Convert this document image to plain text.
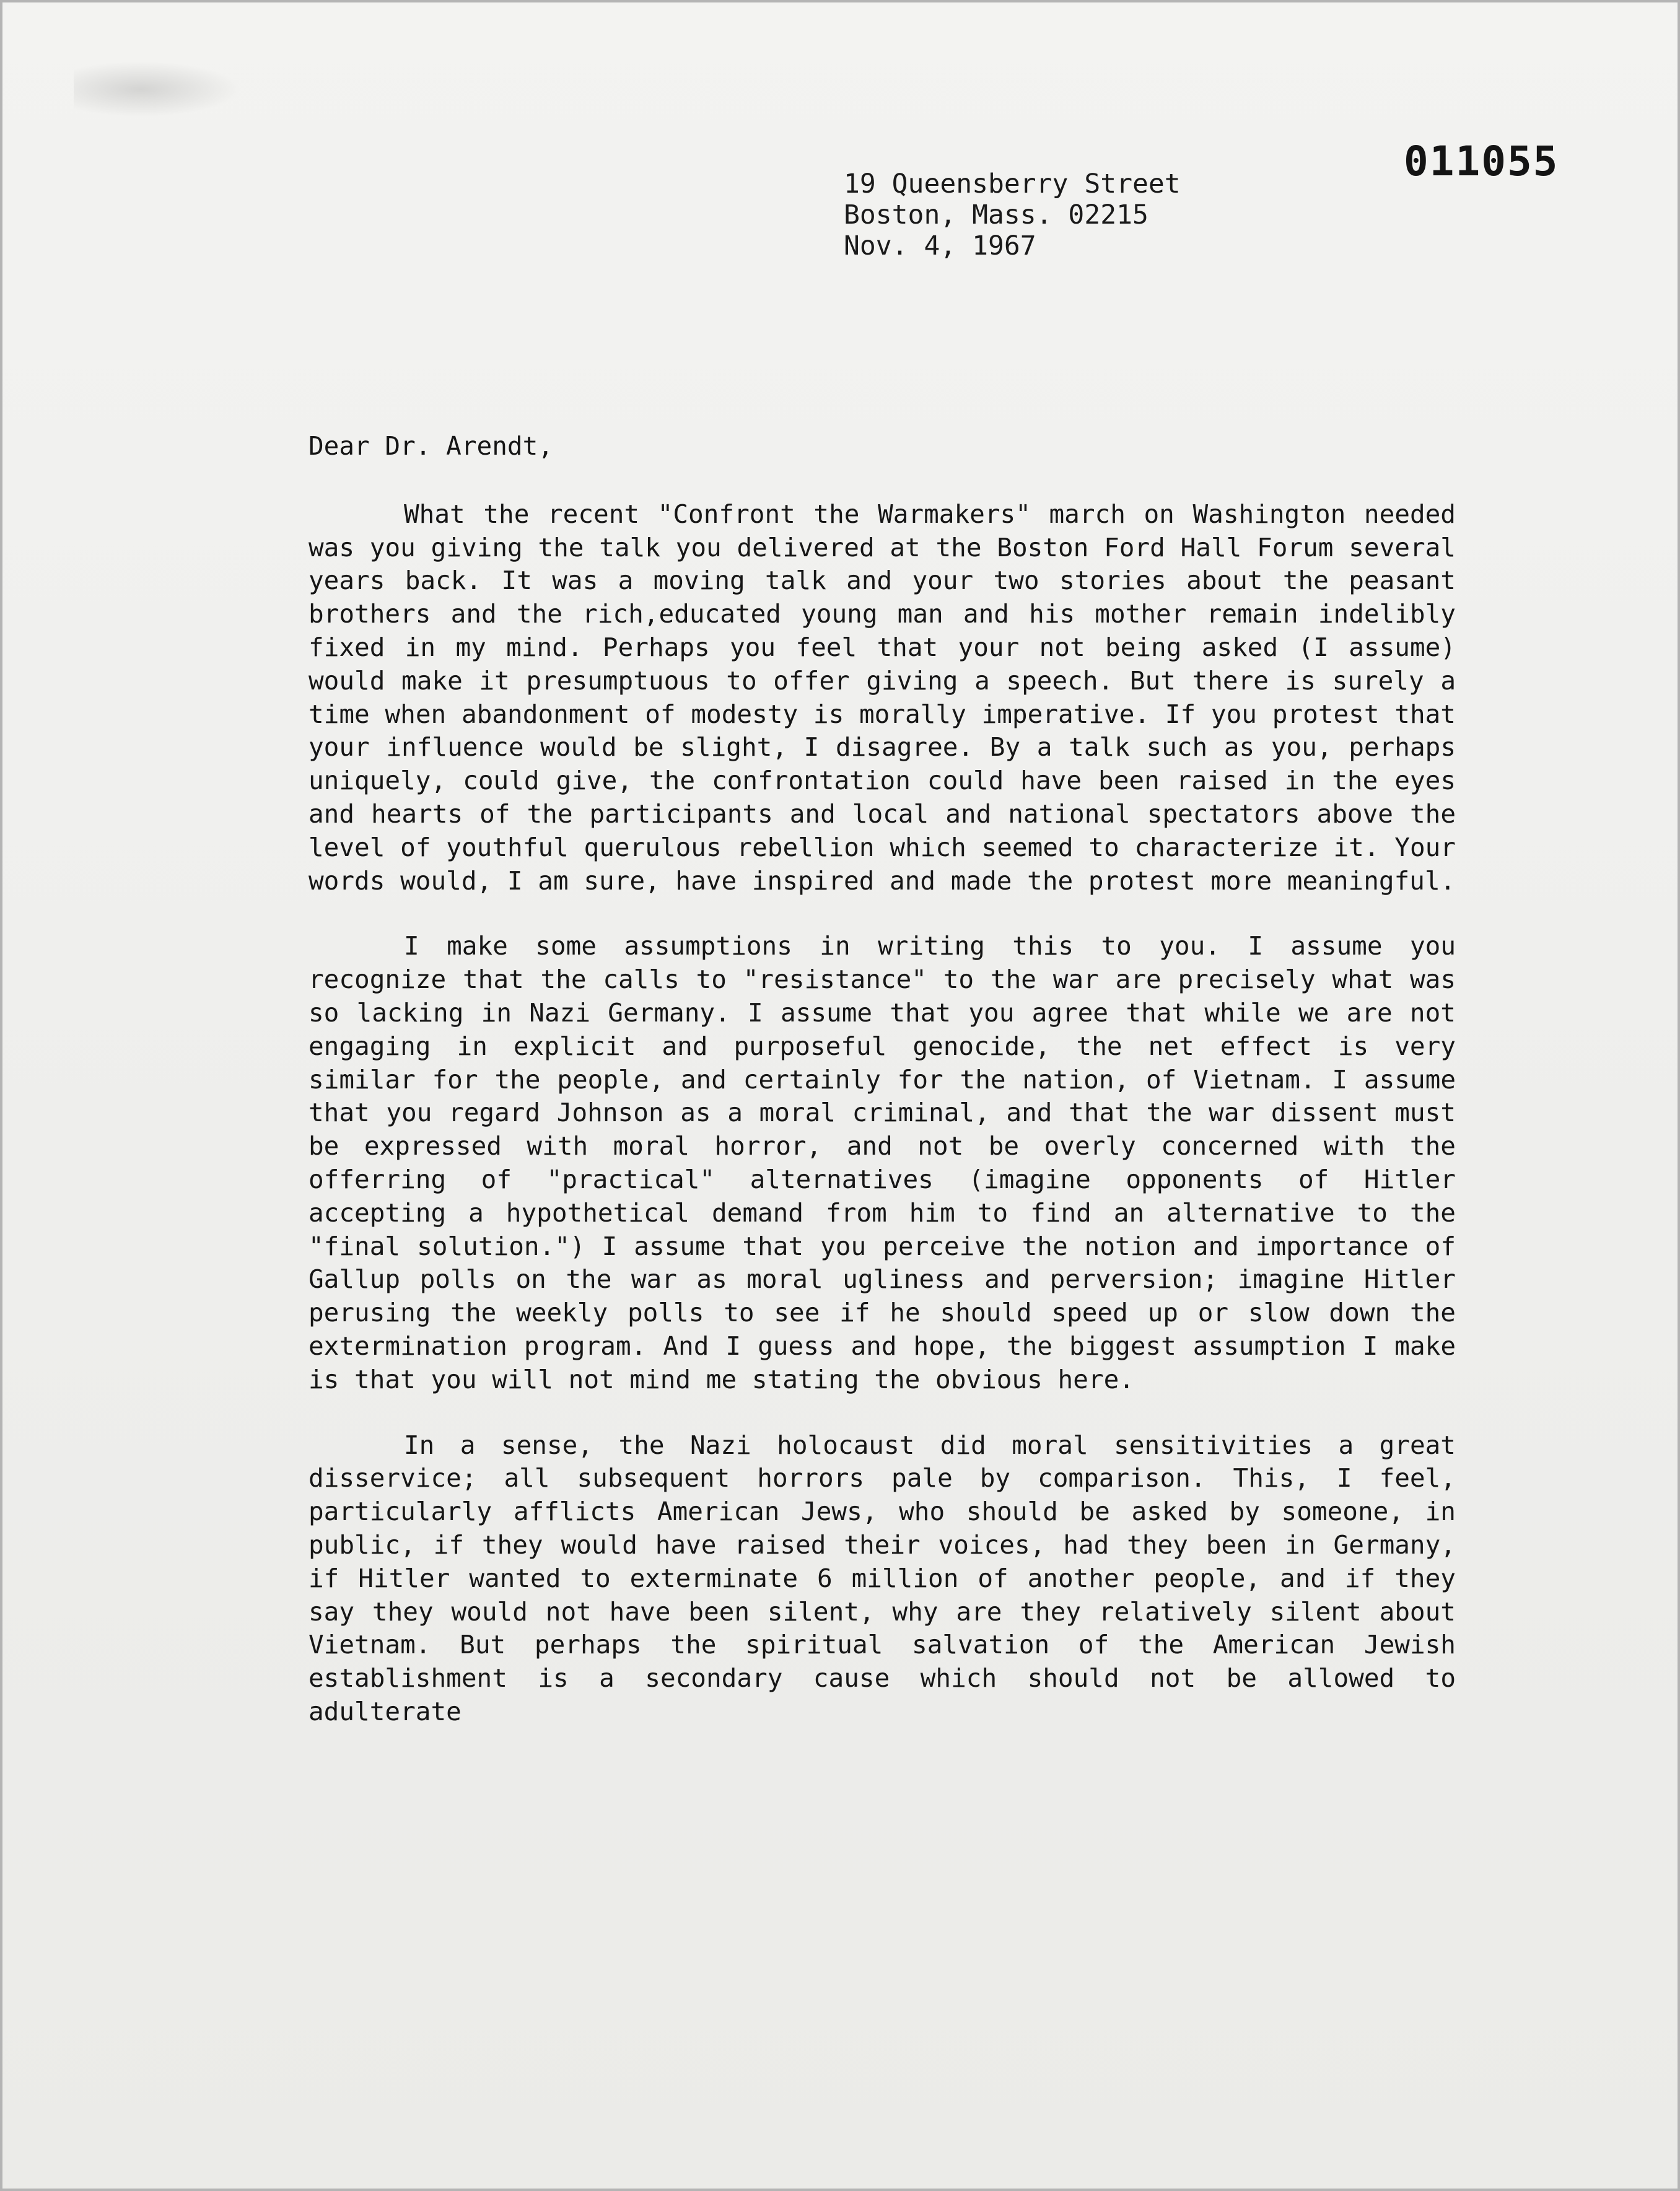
011055
19 Queensberry Street
Boston, Mass. 02215
Nov. 4, 1967
Dear Dr. Arendt,

What the recent "Confront the Warmakers" march on Washington needed was you giving the talk you delivered at the Boston Ford Hall Forum several years back. It was a moving talk and your two stories about the peasant brothers and the rich,educated young man and his mother remain indelibly fixed in my mind. Perhaps you feel that your not being asked (I assume) would make it presumptuous to offer giving a speech. But there is surely a time when abandonment of modesty is morally imperative. If you protest that your influence would be slight, I disagree. By a talk such as you, perhaps uniquely, could give, the confrontation could have been raised in the eyes and hearts of the participants and local and national spectators above the level of youthful querulous rebellion which seemed to characterize it. Your words would, I am sure, have inspired and made the protest more meaningful.

I make some assumptions in writing this to you. I assume you recognize that the calls to "resistance" to the war are precisely what was so lacking in Nazi Germany. I assume that you agree that while we are not engaging in explicit and purposeful genocide, the net effect is very similar for the people, and certainly for the nation, of Vietnam. I assume that you regard Johnson as a moral criminal, and that the war dissent must be expressed with moral horror, and not be overly concerned with the offerring of "practical" alternatives (imagine opponents of Hitler accepting a hypothetical demand from him to find an alternative to the "final solution.") I assume that you perceive the notion and importance of Gallup polls on the war as moral ugliness and perversion; imagine Hitler perusing the weekly polls to see if he should speed up or slow down the extermination program. And I guess and hope, the biggest assumption I make is that you will not mind me stating the obvious here.

In a sense, the Nazi holocaust did moral sensitivities a great disservice; all subsequent horrors pale by comparison. This, I feel, particularly afflicts American Jews, who should be asked by someone, in public, if they would have raised their voices, had they been in Germany, if Hitler wanted to exterminate 6 million of another people, and if they say they would not have been silent, why are they relatively silent about Vietnam. But perhaps the spiritual salvation of the American Jewish establishment is a secondary cause which should not be allowed to adulterate
